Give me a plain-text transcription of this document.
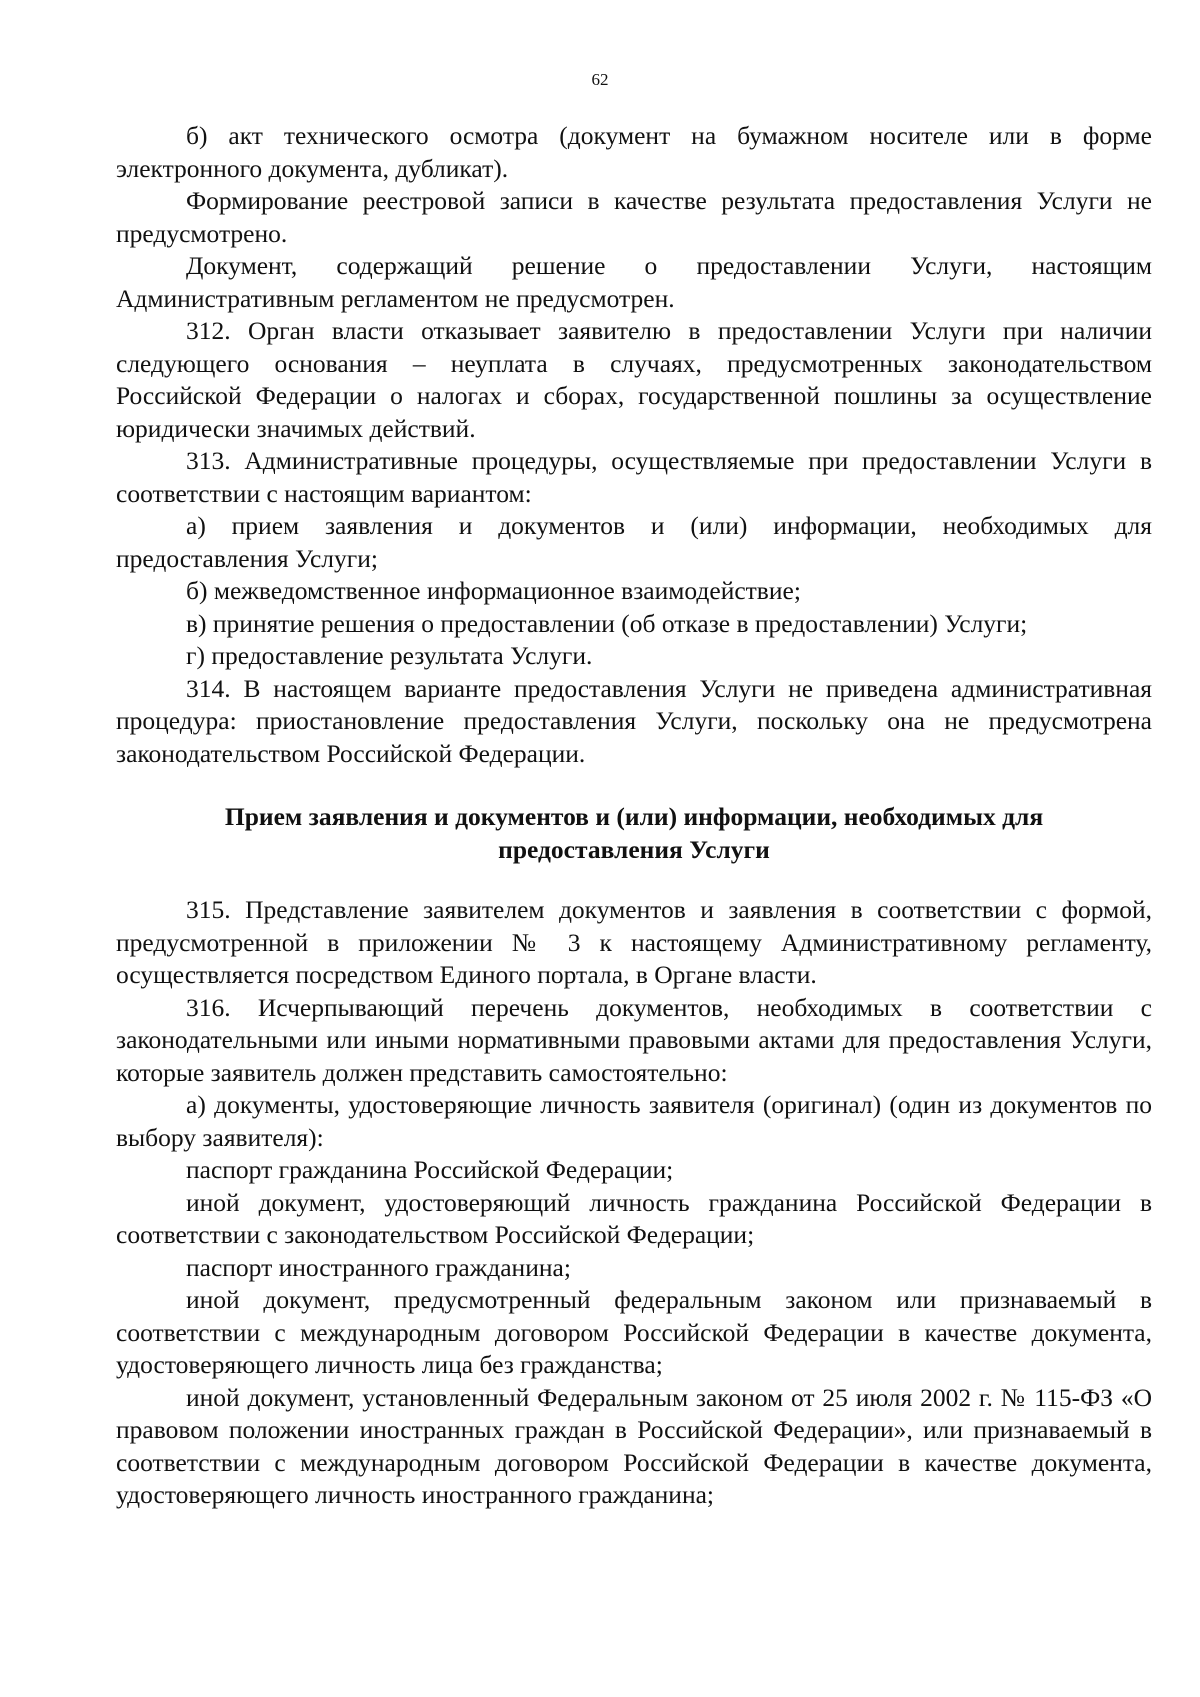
62

б) акт технического осмотра (документ на бумажном носителе или в форме электронного документа, дубликат).

Формирование реестровой записи в качестве результата предоставления Услуги не предусмотрено.

Документ, содержащий решение о предоставлении Услуги, настоящим Административным регламентом не предусмотрен.

312. Орган власти отказывает заявителю в предоставлении Услуги при наличии следующего основания – неуплата в случаях, предусмотренных законодательством Российской Федерации о налогах и сборах, государственной пошлины за осуществление юридически значимых действий.

313. Административные процедуры, осуществляемые при предоставлении Услуги в соответствии с настоящим вариантом:

а) прием заявления и документов и (или) информации, необходимых для предоставления Услуги;

б) межведомственное информационное взаимодействие;

в) принятие решения о предоставлении (об отказе в предоставлении) Услуги;

г) предоставление результата Услуги.

314. В настоящем варианте предоставления Услуги не приведена административная процедура: приостановление предоставления Услуги, поскольку она не предусмотрена законодательством Российской Федерации.

Прием заявления и документов и (или) информации, необходимых для предоставления Услуги

315. Представление заявителем документов и заявления в соответствии с формой, предусмотренной в приложении № 3 к настоящему Административному регламенту, осуществляется посредством Единого портала, в Органе власти.

316. Исчерпывающий перечень документов, необходимых в соответствии с законодательными или иными нормативными правовыми актами для предоставления Услуги, которые заявитель должен представить самостоятельно:

а) документы, удостоверяющие личность заявителя (оригинал) (один из документов по выбору заявителя):

паспорт гражданина Российской Федерации;

иной документ, удостоверяющий личность гражданина Российской Федерации в соответствии с законодательством Российской Федерации;

паспорт иностранного гражданина;

иной документ, предусмотренный федеральным законом или признаваемый в соответствии с международным договором Российской Федерации в качестве документа, удостоверяющего личность лица без гражданства;

иной документ, установленный Федеральным законом от 25 июля 2002 г. № 115-ФЗ «О правовом положении иностранных граждан в Российской Федерации», или признаваемый в соответствии с международным договором Российской Федерации в качестве документа, удостоверяющего личность иностранного гражданина;
